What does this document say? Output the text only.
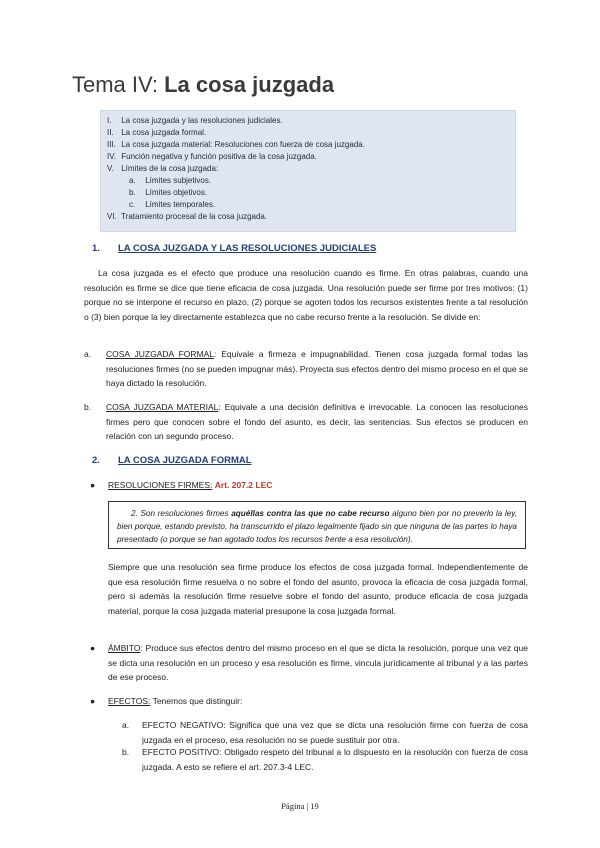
Tema IV: La cosa juzgada
I. La cosa juzgada y las resoluciones judiciales.
II. La cosa juzgada formal.
III. La cosa juzgada material: Resoluciones con fuerza de cosa juzgada.
IV. Función negativa y función positiva de la cosa juzgada.
V. Límites de la cosa juzgada:
a. Límites subjetivos.
b. Límites objetivos.
c. Límites temporales.
VI. Tratamiento procesal de la cosa juzgada.
1. LA COSA JUZGADA Y LAS RESOLUCIONES JUDICIALES
La cosa juzgada es el efecto que produce una resolución cuando es firme. En otras palabras, cuando una resolución es firme se dice que tiene eficacia de cosa juzgada. Una resolución puede ser firme por tres motivos: (1) porque no se interpone el recurso en plazo, (2) porque se agoten todos los recursos existentes frente a tal resolución o (3) bien porque la ley directamente establezca que no cabe recurso frente a la resolución. Se divide en:
a.	COSA JUZGADA FORMAL: Equivale a firmeza e impugnabilidad. Tienen cosa juzgada formal todas las resoluciones firmes (no se pueden impugnar más). Proyecta sus efectos dentro del mismo proceso en el que se haya dictado la resolución.
b.	COSA JUZGADA MATERIAL: Equivale a una decisión definitiva e irrevocable. La conocen las resoluciones firmes pero que conocen sobre el fondo del asunto, es decir, las sentencias. Sus efectos se producen en relación con un segundo proceso.
2. LA COSA JUZGADA FORMAL
● RESOLUCIONES FIRMES: Art. 207.2 LEC
2. Son resoluciones firmes aquéllas contra las que no cabe recurso alguno bien por no preverlo la ley, bien porque, estando previsto, ha transcurrido el plazo legalmente fijado sin que ninguna de las partes lo haya presentado (o porque se han agotado todos los recursos frente a esa resolución).
Siempre que una resolución sea firme produce los efectos de cosa juzgada formal. Independientemente de que esa resolución firme resuelva o no sobre el fondo del asunto, provoca la eficacia de cosa juzgada formal, pero si además la resolución firme resuelve sobre el fondo del asunto, produce eficacia de cosa juzgada material, porque la cosa juzgada material presupone la cosa juzgada formal.
● ÁMBITO: Produce sus efectos dentro del mismo proceso en el que se dicta la resolución, porque una vez que se dicta una resolución en un proceso y esa resolución es firme, vincula jurídicamente al tribunal y a las partes de ese proceso.
● EFECTOS: Tenemos que distinguir:
a. EFECTO NEGATIVO: Significa que una vez que se dicta una resolución firme con fuerza de cosa juzgada en el proceso, esa resolución no se puede sustituir por otra.
b. EFECTO POSITIVO: Obligado respeto del tribunal a lo dispuesto en la resolución con fuerza de cosa juzgada. A esto se refiere el art. 207.3-4 LEC.
Página | 19
